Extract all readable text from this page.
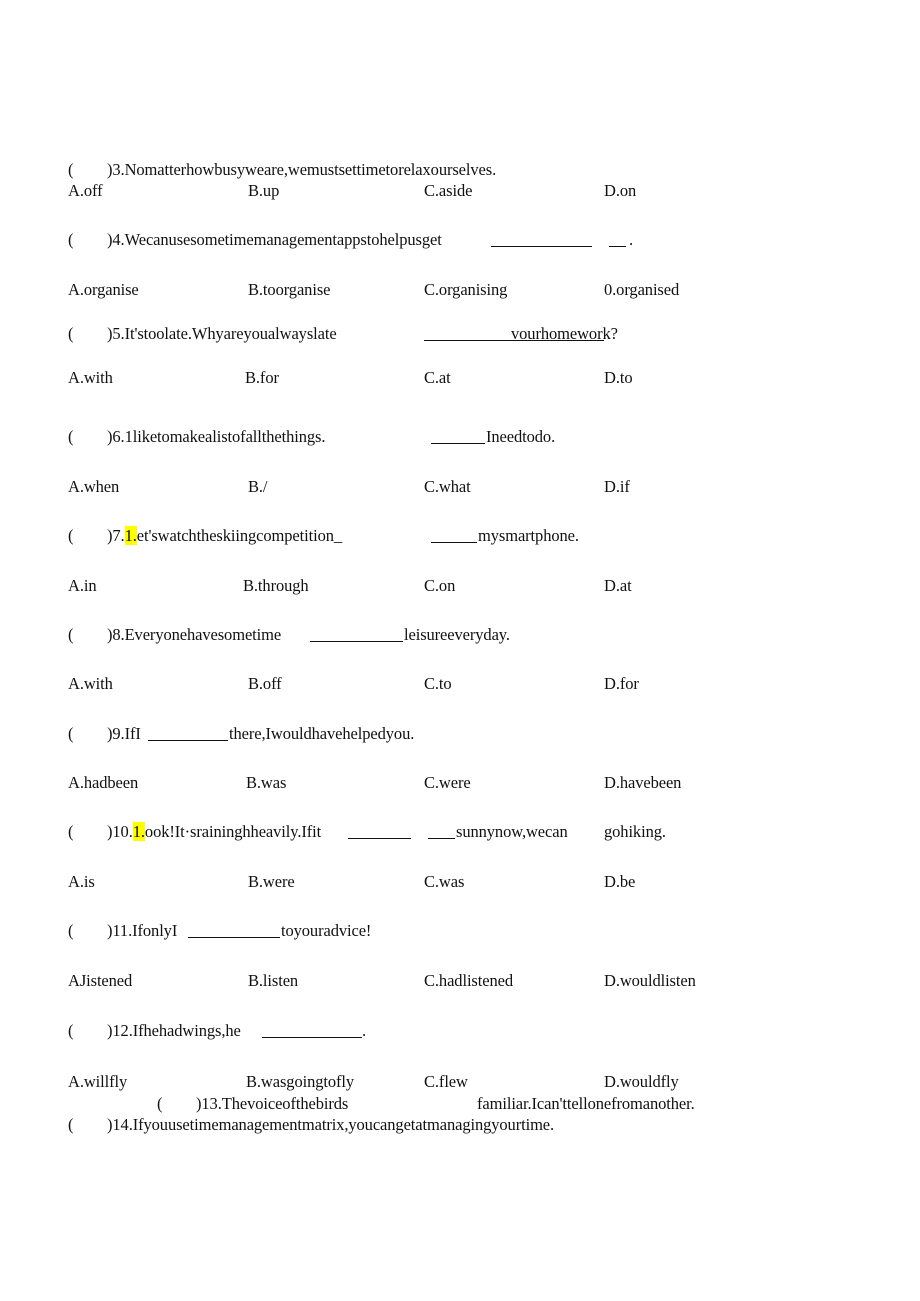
( )3.Nomatterhowbusyweare,wemustsettimetorelaxourselves.
A.off	B.up	C.aside	D.on
( )4.Wecanusesometimemanagementappstohelpusget	.
A.organise	B.toorganise	C.organising	0.organised
( )5.It'stoolate.Whyareyoualwayslate	vourhomework?
A.with	B.for	C.at	D.to
( )6.1liketomakealistofallthethings.	Ineedtodo.
A.when	B./	C.what	D.if
( )7.1.et'swatchtheskiingcompetition_	mysmartphone.
A.in	B.through	C.on	D.at
( )8.Everyonehavesometime	leisureeveryday.
A.with	B.off	C.to	D.for
( )9.IfI	there,Iwouldhavehelpedyou.
A.hadbeen	B.was	C.were	D.havebeen
( )10.1.ook!It·sraininghheavily.Ifit	sunnynow,wecan gohiking.
A.is	B.were	C.was	D.be
( )11.IfonlyI	toyouradvice!
AJistened	B.listen	C.hadlistened	D.wouldlisten
( )12.Ifhehadwings,he	.
A.willfly	B.wasgoingtofly	C.flew	D.wouldfly
( )13.Thevoiceofthebirds	familiar.Ican'ttellonefromanother.
( )14.Ifyouusetimemanagementmatrix,youcangetatmanagingyourtime.
